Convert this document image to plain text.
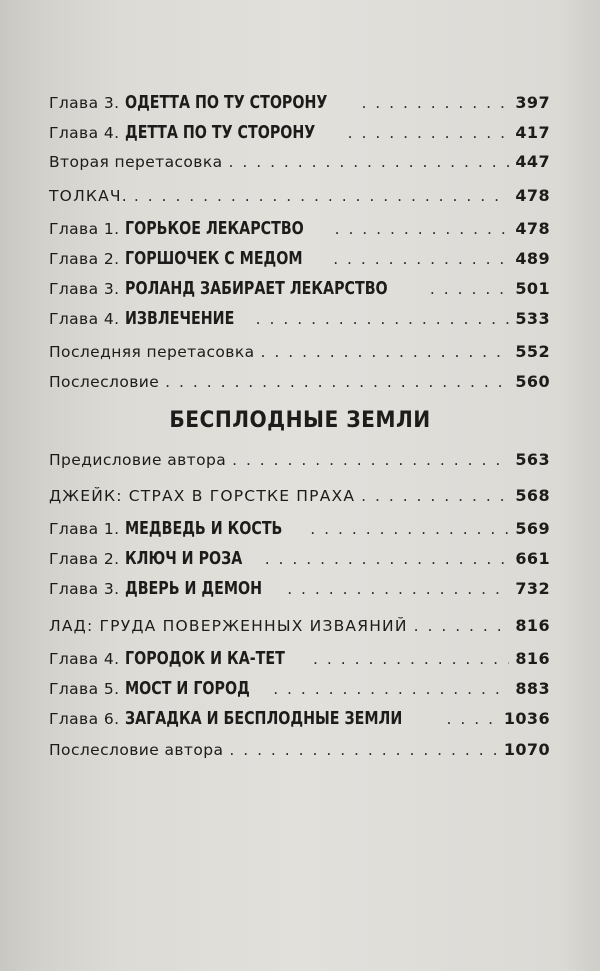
Глава 3. ОДЕТТА ПО ТУ СТОРОНУ . . .	397
Глава 4. ДЕТТА ПО ТУ СТОРОНУ . . .	417
Вторая перетасовка . . .	447
ТОЛКАЧ. . . .	478
Глава 1. ГОРЬКОЕ ЛЕКАРСТВО . . .	478
Глава 2. ГОРШОЧЕК С МЕДОМ . . .	489
Глава 3. РОЛАНД ЗАБИРАЕТ ЛЕКАРСТВО . . .	501
Глава 4. ИЗВЛЕЧЕНИЕ . . .	533
Последняя перетасовка . . .	552
Послесловие . . .	560
БЕСПЛОДНЫЕ ЗЕМЛИ
Предисловие автора . . .	563
ДЖЕЙК: СТРАХ В ГОРСТКЕ ПРАХА . . .	568
Глава 1. МЕДВЕДЬ И КОСТЬ . . .	569
Глава 2. КЛЮЧ И РОЗА . . .	661
Глава 3. ДВЕРЬ И ДЕМОН . . .	732
ЛАД: ГРУДА ПОВЕРЖЕННЫХ ИЗВАЯНИЙ . . .	816
Глава 4. ГОРОДОК И КА-ТЕТ . . .	816
Глава 5. МОСТ И ГОРОД . . .	883
Глава 6. ЗАГАДКА И БЕСПЛОДНЫЕ ЗЕМЛИ . . .	1036
Послесловие автора . . .	1070
